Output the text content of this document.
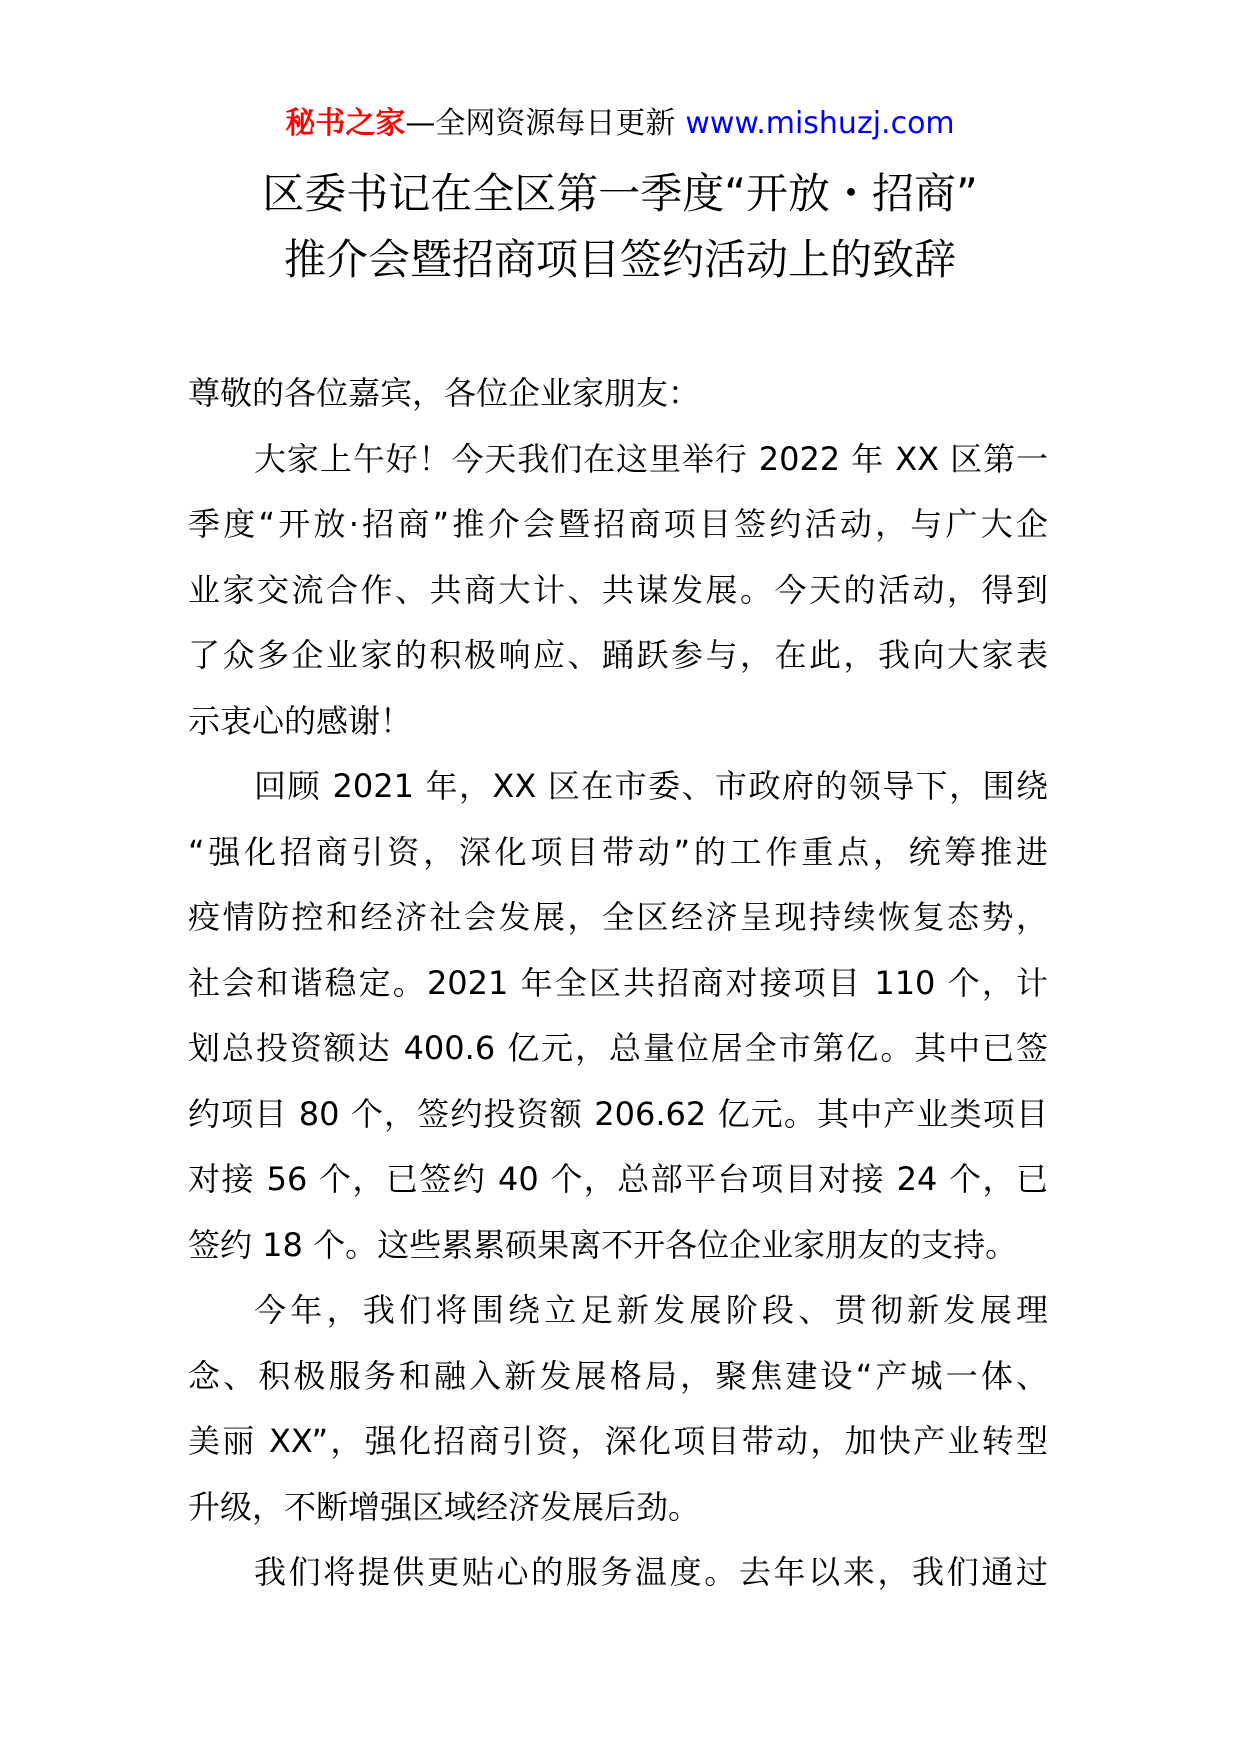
秘书之家—全网资源每日更新 www.mishuzj.com
区委书记在全区第一季度“开放・招商”
推介会暨招商项目签约活动上的致辞
尊敬的各位嘉宾，各位企业家朋友：
大家上午好！今天我们在这里举行 2022 年 XX 区第一
季度“开放·招商”推介会暨招商项目签约活动，与广大企
业家交流合作、共商大计、共谋发展。今天的活动，得到
了众多企业家的积极响应、踊跃参与，在此，我向大家表
示衷心的感谢！
回顾 2021 年，XX 区在市委、市政府的领导下，围绕
“强化招商引资，深化项目带动”的工作重点，统筹推进
疫情防控和经济社会发展，全区经济呈现持续恢复态势，
社会和谐稳定。2021 年全区共招商对接项目 110 个，计
划总投资额达 400.6 亿元，总量位居全市第亿。其中已签
约项目 80 个，签约投资额 206.62 亿元。其中产业类项目
对接 56 个，已签约 40 个，总部平台项目对接 24 个，已
签约 18 个。这些累累硕果离不开各位企业家朋友的支持。
今年，我们将围绕立足新发展阶段、贯彻新发展理
念、积极服务和融入新发展格局，聚焦建设“产城一体、
美丽 XX”，强化招商引资，深化项目带动，加快产业转型
升级，不断增强区域经济发展后劲。
我们将提供更贴心的服务温度。去年以来，我们通过
